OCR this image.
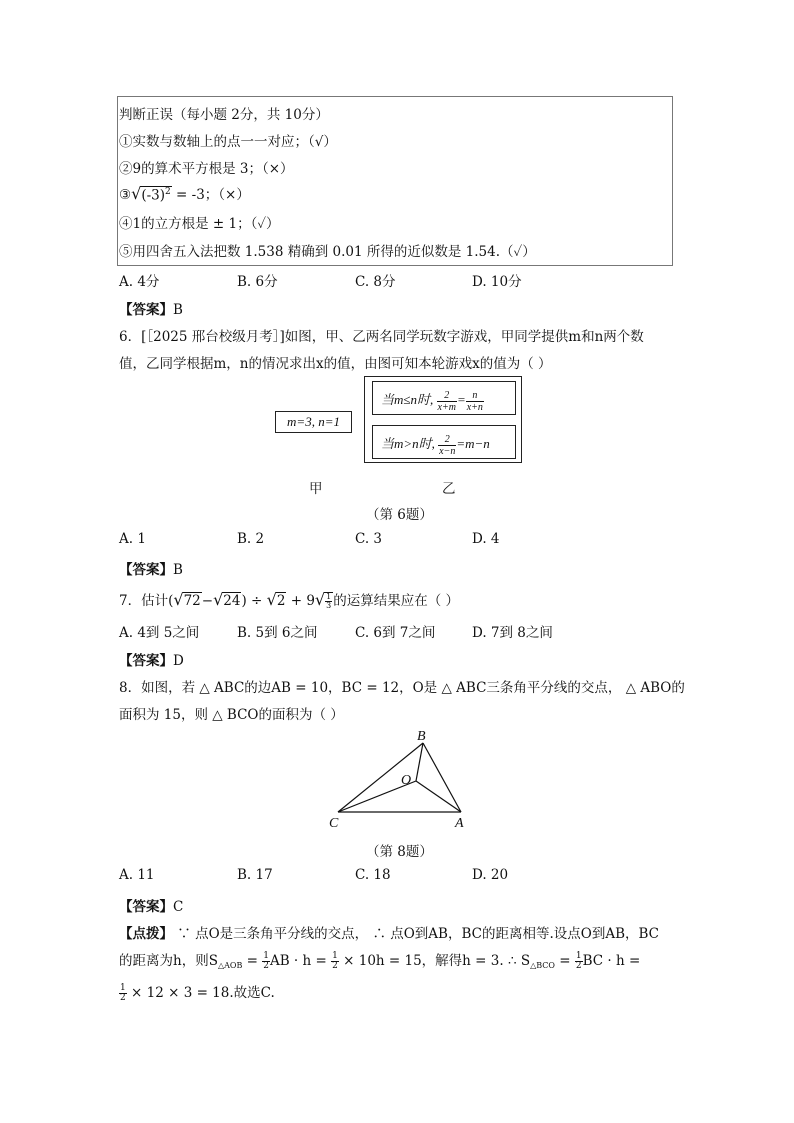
判断正误（每小题 2分，共 10分）
①实数与数轴上的点一一对应；（√）
②9的算术平方根是 3；（×）
$③√(-3)^2 = -3$；（×）
④1的立方根是 ± 1；（✓）
⑤用四舍五入法把数 1.538 精确到 0.01 所得的近似数是 1.54.（✓）
A. 4分	B. 6分	C. 8分	D. 10分
【答案】B
6．[［2025 邢台校级月考］]如图，甲、乙两名同学玩数字游戏，甲同学提供m和n两个数
值，乙同学根据m，n的情况求出x的值，由图可知本轮游戏x的值为（ ）
m=3, n=1
当m≤n时, $\frac{2}{x+m} = \frac{n}{x+n}$
当m>n时, $\frac{2}{x-n} =m-n$
甲	乙
（第 6题）
A. 1	B. 2	C. 3	D. 4
【答案】B
7．估计$(√72-√24) \div √2 + 9√ \frac{1}{3}$ 的运算结果应在（ ）
A. 4到 5之间	B. 5到 6之间	C. 6到 7之间	D. 7到 8之间
【答案】D
8．如图，若 △ ABC的边AB = 10，BC = 12，O是 △ ABC三条角平分线的交点， △ ABO的
面积为 15，则 △ BCO的面积为（ ）
B
O
C	A
（第 8题）
A. 11	B. 17	C. 18	D. 20
【答案】C
【点拨】 ∵ 点O是三条角平分线的交点， ∴ 点O到AB，BC的距离相等.设点O到AB，BC
的距离为h，则$S_{\triangle AOB} = \frac{1}{2}$ AB · $h = \frac{1}{2} \times 10h = 15$，解得h = 3. ∴ $S_{\triangle BCO} = \frac{1}{2}$ BC · h =
$\frac{1}{2} \times 12 \times 3 = 18$.故选C.
